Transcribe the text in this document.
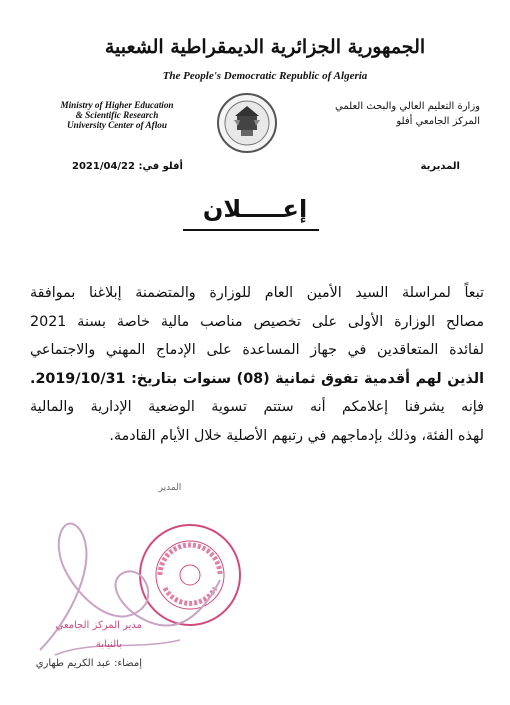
الجمهورية الجزائرية الديمقراطية الشعبية
The People's Democratic Republic of Algeria
Ministry of Higher Education
& Scientific Research
University Center of Aflou
وزارة التعليم العالي والبحث العلمي
المركز الجامعي أفلو
أفلو في: 2021/04/22	المديرية
إعـــــلان

تبعاً لمراسلة السيد الأمين العام للوزارة والمتضمنة إبلاغنا بموافقة

مصالح الوزارة الأولى على تخصيص مناصب مالية خاصة بسنة 2021

لفائدة المتعاقدين في جهاز المساعدة على الإدماج المهني والاجتماعي

الذين لهم أقدمية تفوق ثمانية (08) سنوات بتاريخ: 2019/10/31.

فإنه يشرفنا إعلامكم أنه ستتم تسوية الوضعية الإدارية والمالية

لهذه الفئة، وذلك بإدماجهم في رتبهم الأصلية خلال الأيام القادمة.

المدير
مدير المركز الجامعي
بالنيابة
إمضاء: عبد الكريم طهاري
